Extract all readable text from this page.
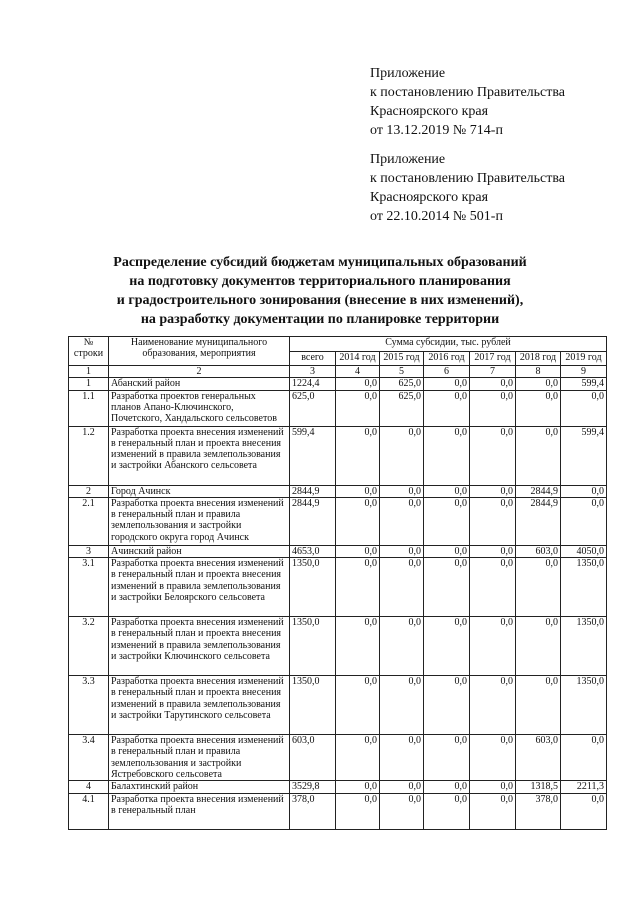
Приложение
к постановлению Правительства
Красноярского края
от 13.12.2019 № 714-п
Приложение
к постановлению Правительства
Красноярского края
от 22.10.2014 № 501-п
Распределение субсидий бюджетам муниципальных образований
на подготовку документов территориального планирования
и градостроительного зонирования (внесение в них изменений),
на разработку документации по планировке территории
№ строки	Наименование муниципального образования, мероприятия	Сумма субсидии, тыс. рублей						
		всего	2014 год	2015 год	2016 год	2017 год	2018 год	2019 год
1	2	3	4	5	6	7	8	9
1	Абанский район	1224,4	0,0	625,0	0,0	0,0	0,0	599,4
1.1	Разработка проектов генеральных планов Апано-Ключинского, Почетского, Хандальского сельсоветов	625,0	0,0	625,0	0,0	0,0	0,0	0,0
1.2	Разработка проекта внесения изменений в генеральный план и проекта внесения изменений в правила землепользования и застройки Абанского сельсовета	599,4	0,0	0,0	0,0	0,0	0,0	599,4
2	Город Ачинск	2844,9	0,0	0,0	0,0	0,0	2844,9	0,0
2.1	Разработка проекта внесения изменений в генеральный план и правила землепользования и застройки городского округа город Ачинск	2844,9	0,0	0,0	0,0	0,0	2844,9	0,0
3	Ачинский район	4653,0	0,0	0,0	0,0	0,0	603,0	4050,0
3.1	Разработка проекта внесения изменений в генеральный план и проекта внесения изменений в правила землепользования и застройки Белоярского сельсовета	1350,0	0,0	0,0	0,0	0,0	0,0	1350,0
3.2	Разработка проекта внесения изменений в генеральный план и проекта внесения изменений в правила землепользования и застройки Ключинского сельсовета	1350,0	0,0	0,0	0,0	0,0	0,0	1350,0
3.3	Разработка проекта внесения изменений в генеральный план и проекта внесения изменений в правила землепользования и застройки Тарутинского сельсовета	1350,0	0,0	0,0	0,0	0,0	0,0	1350,0
3.4	Разработка проекта внесения изменений в генеральный план и правила землепользования и застройки Ястребовского сельсовета	603,0	0,0	0,0	0,0	0,0	603,0	0,0
4	Балахтинский район	3529,8	0,0	0,0	0,0	0,0	1318,5	2211,3
4.1	Разработка проекта внесения изменений в генеральный план	378,0	0,0	0,0	0,0	0,0	378,0	0,0
